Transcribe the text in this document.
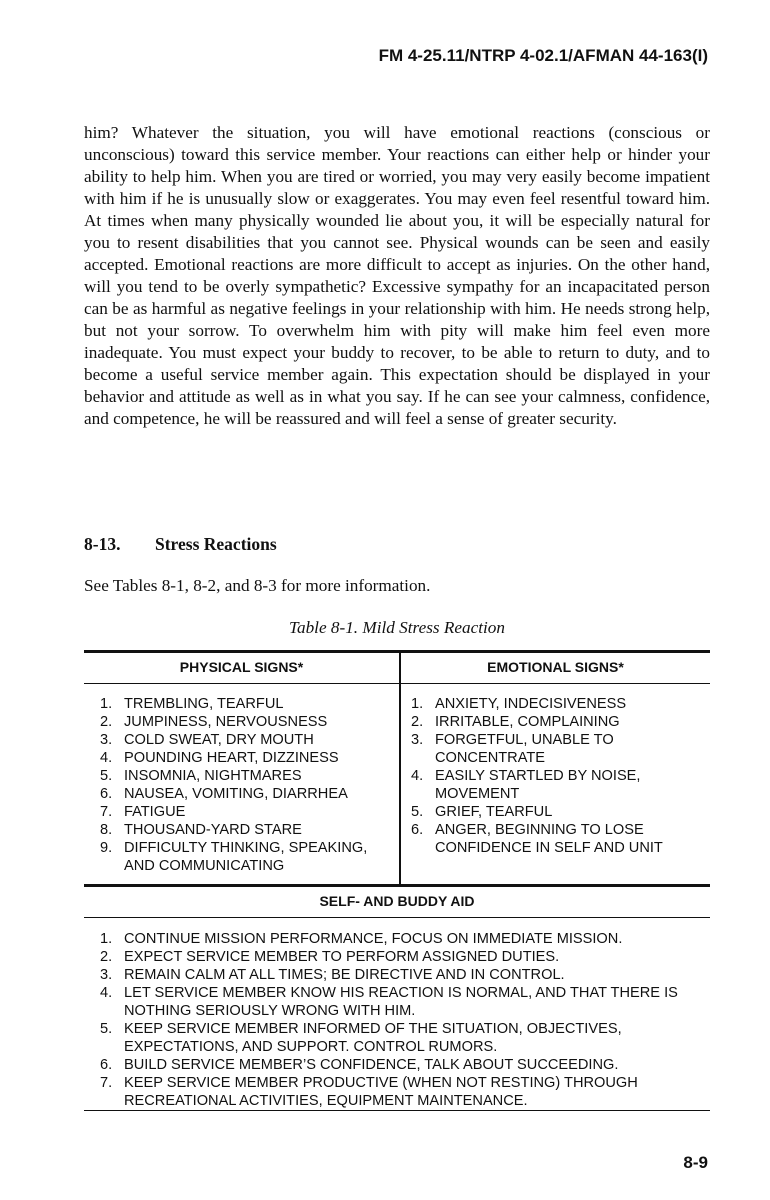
FM 4-25.11/NTRP 4-02.1/AFMAN 44-163(I)

him? Whatever the situation, you will have emotional reactions (conscious or unconscious) toward this service member. Your reactions can either help or hinder your ability to help him. When you are tired or worried, you may very easily become impatient with him if he is unusually slow or exaggerates. You may even feel resentful toward him. At times when many physically wounded lie about you, it will be especially natural for you to resent disabilities that you cannot see. Physical wounds can be seen and easily accepted. Emotional reactions are more difficult to accept as injuries. On the other hand, will you tend to be overly sympathetic? Excessive sympathy for an incapacitated person can be as harmful as negative feelings in your relationship with him. He needs strong help, but not your sorrow. To overwhelm him with pity will make him feel even more inadequate. You must expect your buddy to recover, to be able to return to duty, and to become a useful service member again. This expectation should be displayed in your behavior and attitude as well as in what you say. If he can see your calmness, confidence, and competence, he will be reassured and will feel a sense of greater security.

8-13. Stress Reactions
See Tables 8-1, 8-2, and 8-3 for more information.
Table 8-1. Mild Stress Reaction
PHYSICAL SIGNS*	EMOTIONAL SIGNS*
1. TREMBLING, TEARFUL
2. JUMPINESS, NERVOUSNESS
3. COLD SWEAT, DRY MOUTH
4. POUNDING HEART, DIZZINESS
5. INSOMNIA, NIGHTMARES
6. NAUSEA, VOMITING, DIARRHEA
7. FATIGUE
8. THOUSAND-YARD STARE
9. DIFFICULTY THINKING, SPEAKING, AND COMMUNICATING
1. ANXIETY, INDECISIVENESS
2. IRRITABLE, COMPLAINING
3. FORGETFUL, UNABLE TO CONCENTRATE
4. EASILY STARTLED BY NOISE, MOVEMENT
5. GRIEF, TEARFUL
6. ANGER, BEGINNING TO LOSE CONFIDENCE IN SELF AND UNIT
SELF- AND BUDDY AID
1. CONTINUE MISSION PERFORMANCE, FOCUS ON IMMEDIATE MISSION.
2. EXPECT SERVICE MEMBER TO PERFORM ASSIGNED DUTIES.
3. REMAIN CALM AT ALL TIMES; BE DIRECTIVE AND IN CONTROL.
4. LET SERVICE MEMBER KNOW HIS REACTION IS NORMAL, AND THAT THERE IS NOTHING SERIOUSLY WRONG WITH HIM.
5. KEEP SERVICE MEMBER INFORMED OF THE SITUATION, OBJECTIVES, EXPECTATIONS, AND SUPPORT. CONTROL RUMORS.
6. BUILD SERVICE MEMBER’S CONFIDENCE, TALK ABOUT SUCCEEDING.
7. KEEP SERVICE MEMBER PRODUCTIVE (WHEN NOT RESTING) THROUGH RECREATIONAL ACTIVITIES, EQUIPMENT MAINTENANCE.
8-9
